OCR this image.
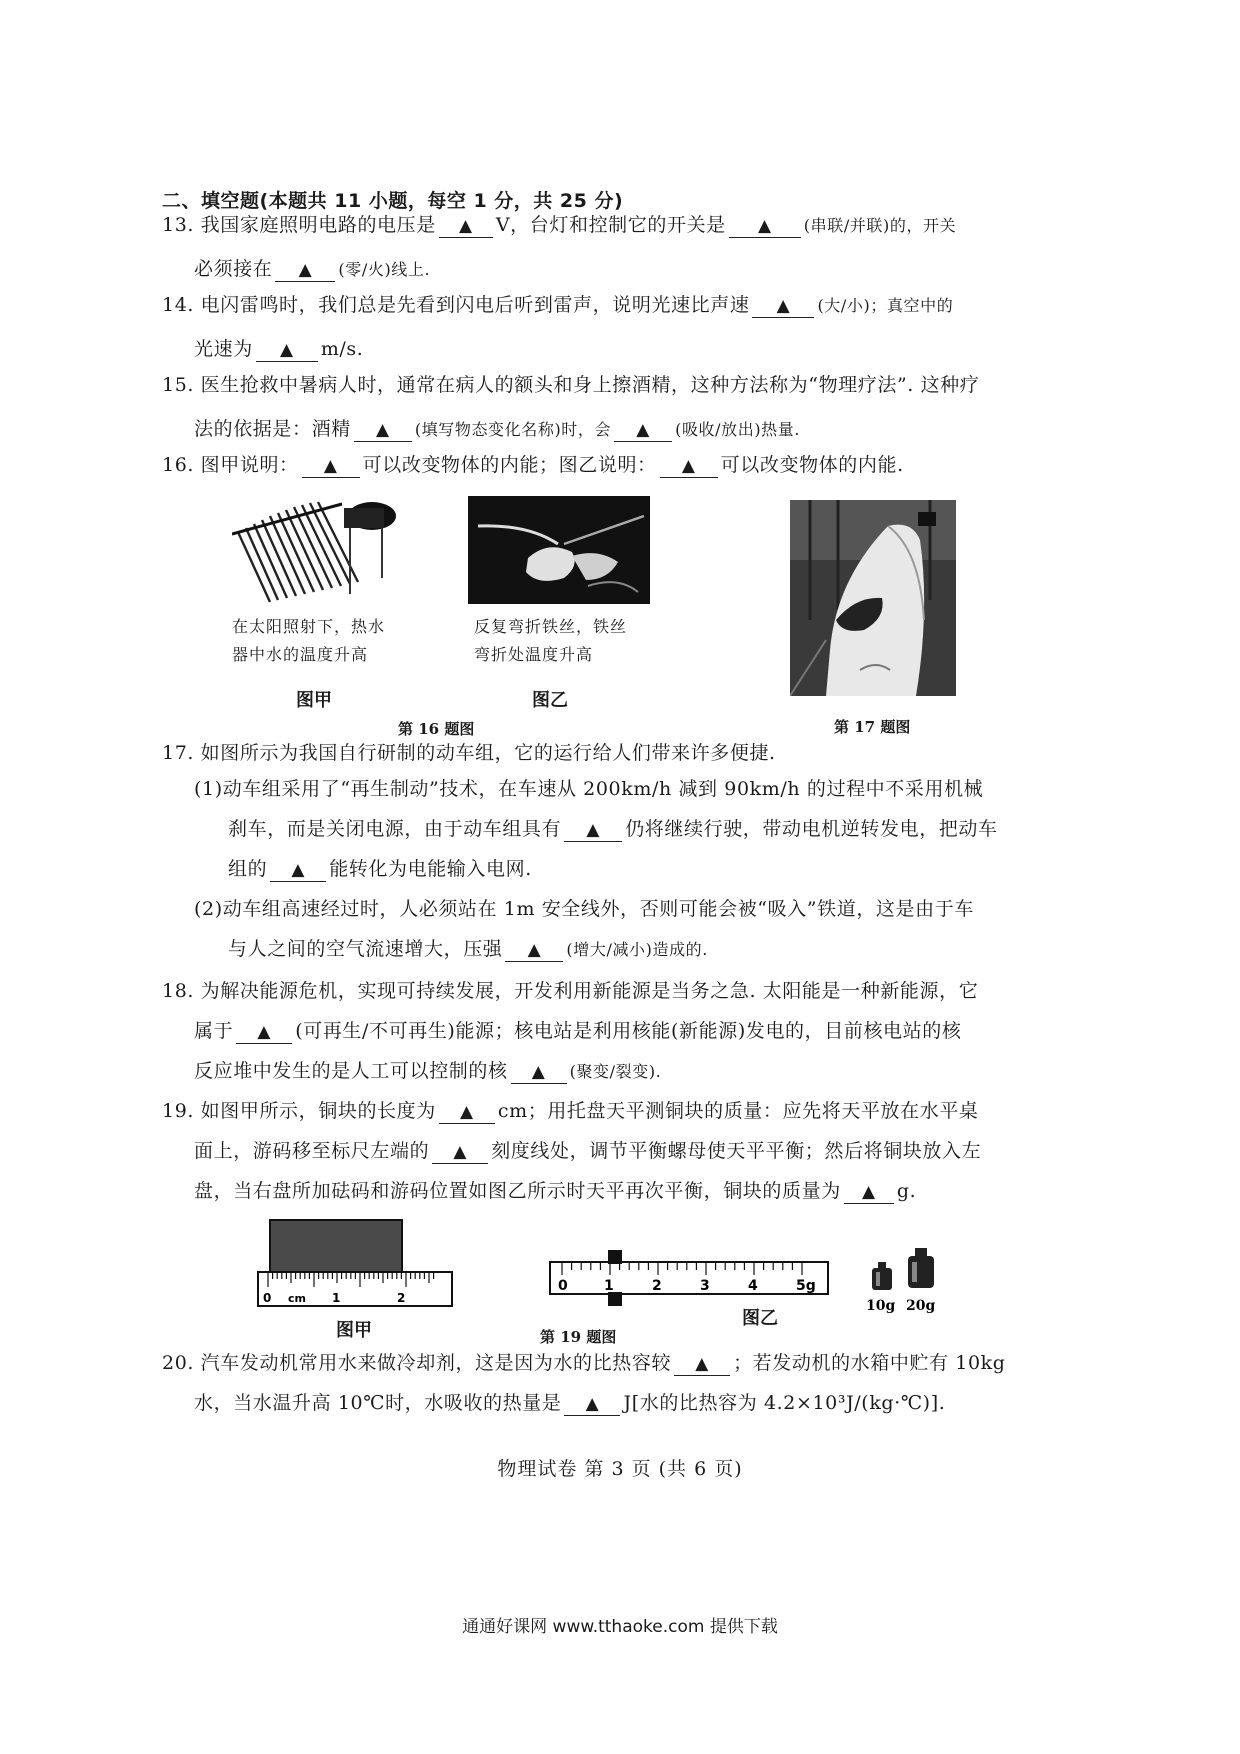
二、填空题(本题共 11 小题，每空 1 分，共 25 分)
13. 我国家庭照明电路的电压是 ▲ V，台灯和控制它的开关是 ▲ (串联/并联)的，开关
必须接在 ▲ (零/火)线上.
14. 电闪雷鸣时，我们总是先看到闪电后听到雷声，说明光速比声速 ▲ (大/小)；真空中的
光速为 ▲ m/s.
15. 医生抢救中暑病人时，通常在病人的额头和身上擦酒精，这种方法称为“物理疗法”. 这种疗
法的依据是：酒精 ▲ (填写物态变化名称)时，会 ▲ (吸收/放出)热量.
16. 图甲说明： ▲ 可以改变物体的内能；图乙说明： ▲ 可以改变物体的内能.
在太阳照射下，热水
器中水的温度升高
图甲
反复弯折铁丝，铁丝
弯折处温度升高
图乙
第 16 题图	第 17 题图
17. 如图所示为我国自行研制的动车组，它的运行给人们带来许多便捷.
(1)动车组采用了“再生制动”技术，在车速从 200km/h 减到 90km/h 的过程中不采用机械
刹车，而是关闭电源，由于动车组具有 ▲ 仍将继续行驶，带动电机逆转发电，把动车
组的 ▲ 能转化为电能输入电网.
(2)动车组高速经过时，人必须站在 1m 安全线外，否则可能会被“吸入”铁道，这是由于车
与人之间的空气流速增大，压强 ▲ (增大/减小)造成的.
18. 为解决能源危机，实现可持续发展，开发利用新能源是当务之急. 太阳能是一种新能源，它
属于 ▲ (可再生/不可再生)能源；核电站是利用核能(新能源)发电的，目前核电站的核
反应堆中发生的是人工可以控制的核 ▲ (聚变/裂变).
19. 如图甲所示，铜块的长度为 ▲ cm；用托盘天平测铜块的质量：应先将天平放在水平桌
面上，游码移至标尺左端的 ▲ 刻度线处，调节平衡螺母使天平平衡；然后将铜块放入左
盘，当右盘所加砝码和游码位置如图乙所示时天平再次平衡，铜块的质量为 ▲ g.
0 cm 1	2
图甲
0	1	2	3	4	5g
10g 20g
图乙
第 19 题图
20. 汽车发动机常用水来做冷却剂，这是因为水的比热容较 ▲ ；若发动机的水箱中贮有 10kg
水，当水温升高 10℃时，水吸收的热量是 ▲ J[水的比热容为 4.2×10³J/(kg·℃)].
物理试卷 第 3 页 (共 6 页)
通通好课网 www.tthaoke.com 提供下载
